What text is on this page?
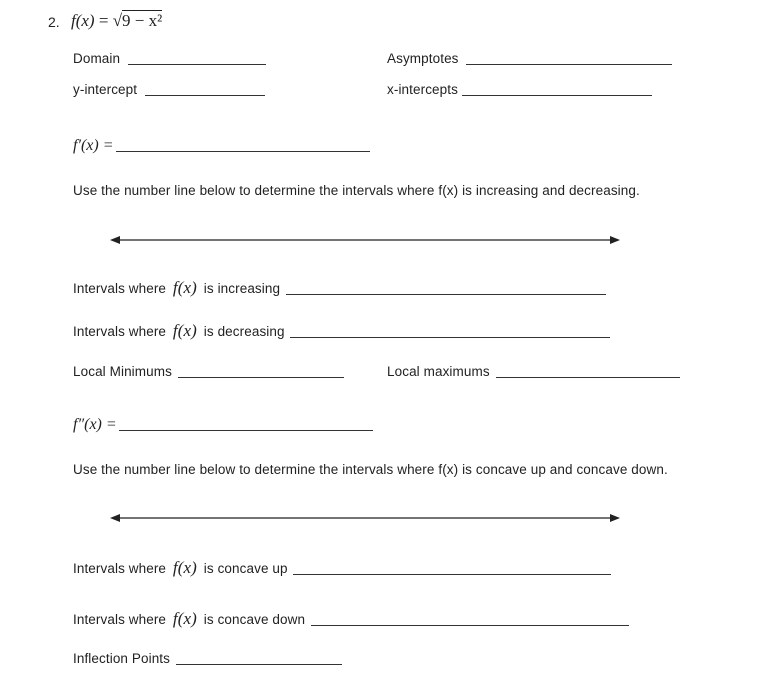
2. f(x) = √9 − x²
Domain	Asymptotes
y-intercept	x-intercepts
f′(x) =
Use the number line below to determine the intervals where f(x) is increasing and decreasing.
Intervals where f(x) is increasing
Intervals where f(x) is decreasing
Local Minimums	Local maximums
f″(x) =
Use the number line below to determine the intervals where f(x) is concave up and concave down.
Intervals where f(x) is concave up
Intervals where f(x) is concave down
Inflection Points
